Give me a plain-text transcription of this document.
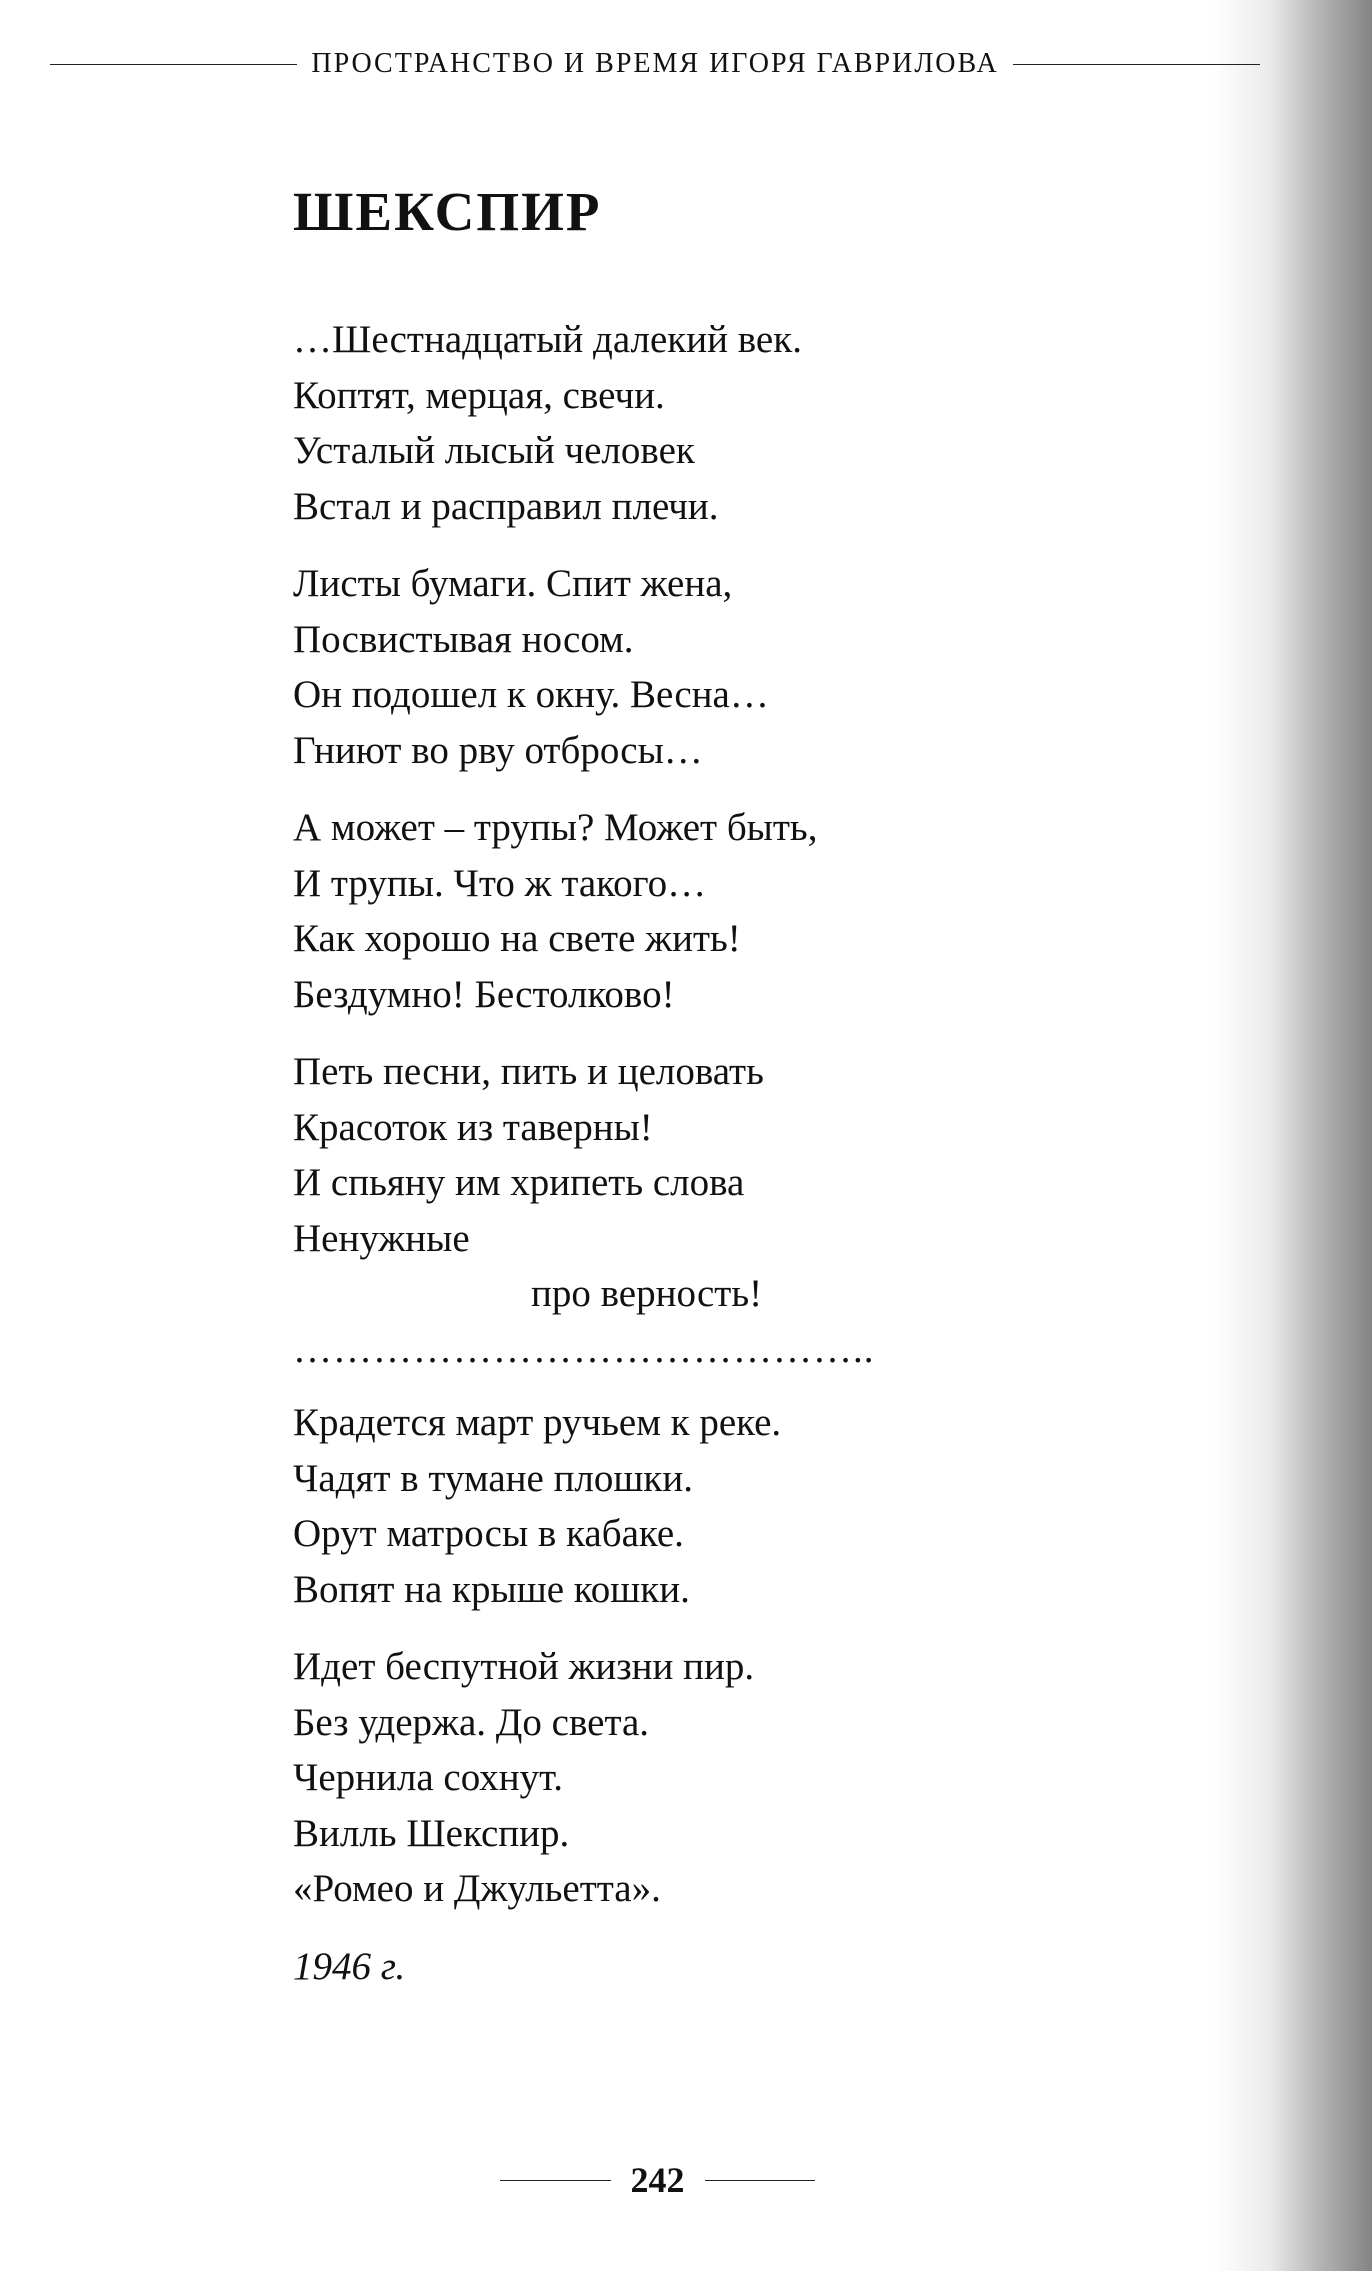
ПРОСТРАНСТВО И ВРЕМЯ ИГОРЯ ГАВРИЛОВА
ШЕКСПИР
…Шестнадцатый далекий век.
Коптят, мерцая, свечи.
Усталый лысый человек
Встал и расправил плечи.
Листы бумаги. Спит жена,
Посвистывая носом.
Он подошел к окну. Весна…
Гниют во рву отбросы…
А может – трупы? Может быть,
И трупы. Что ж такого…
Как хорошо на свете жить!
Бездумно! Бестолково!
Петь песни, пить и целовать
Красоток из таверны!
И спьяну им хрипеть слова
Ненужные
про верность!
……………………………………..
Крадется март ручьем к реке.
Чадят в тумане плошки.
Орут матросы в кабаке.
Вопят на крыше кошки.
Идет беспутной жизни пир.
Без удержа. До света.
Чернила сохнут.
Вилль Шекспир.
«Ромео и Джульетта».
1946 г.
242
